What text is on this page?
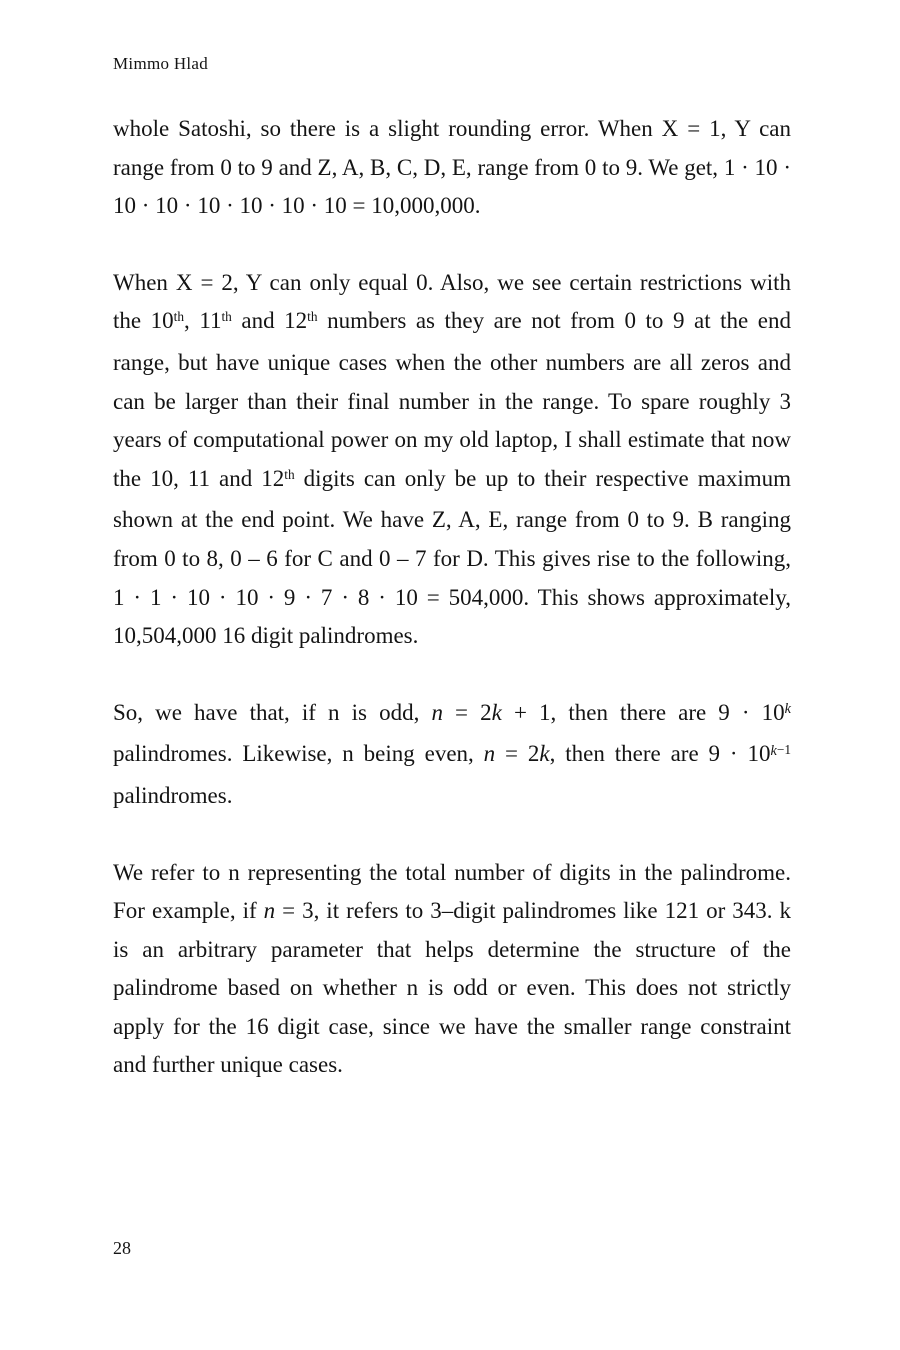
Mimmo Hlad

whole Satoshi, so there is a slight rounding error. When X = 1, Y can range from 0 to 9 and Z, A, B, C, D, E, range from 0 to 9. We get, 1 · 10 · 10 · 10 · 10 · 10 · 10 · 10 = 10,000,000.

When X = 2, Y can only equal 0. Also, we see certain restrictions with the 10th, 11th and 12th numbers as they are not from 0 to 9 at the end range, but have unique cases when the other numbers are all zeros and can be larger than their final number in the range. To spare roughly 3 years of computational power on my old laptop, I shall estimate that now the 10, 11 and 12th digits can only be up to their respective maximum shown at the end point. We have Z, A, E, range from 0 to 9. B ranging from 0 to 8, 0 – 6 for C and 0 – 7 for D. This gives rise to the following, 1 · 1 · 10 · 10 · 9 · 7 · 8 · 10 = 504,000. This shows approximately, 10,504,000 16 digit palindromes.

So, we have that, if n is odd, n = 2k + 1, then there are $9 \cdot 10^k$ palindromes. Likewise, n being even, n = 2k, then there are $9 \cdot 10^{k-1}$ palindromes.

We refer to n representing the total number of digits in the palindrome. For example, if n = 3, it refers to 3–digit palindromes like 121 or 343. k is an arbitrary parameter that helps determine the structure of the palindrome based on whether n is odd or even. This does not strictly apply for the 16 digit case, since we have the smaller range constraint and further unique cases.

28
